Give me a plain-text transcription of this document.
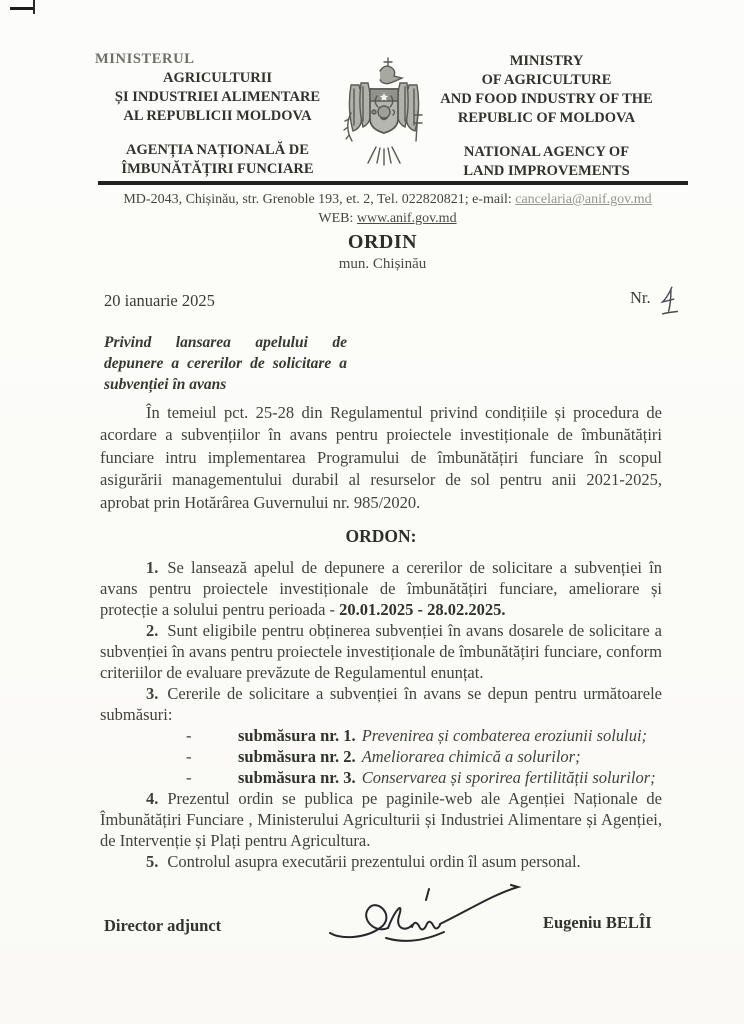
MINISTERUL
AGRICULTURII
ȘI INDUSTRIEI ALIMENTARE
AL REPUBLICII MOLDOVA
AGENȚIA NAȚIONALĂ DE
ÎMBUNĂTĂȚIRI FUNCIARE
MINISTRY
OF AGRICULTURE
AND FOOD INDUSTRY OF THE
REPUBLIC OF MOLDOVA
NATIONAL AGENCY OF
LAND IMPROVEMENTS
MD-2043, Chișinău, str. Grenoble 193, et. 2, Tel. 022820821; e-mail: cancelaria@anif.gov.md
WEB: www.anif.gov.md
ORDIN
mun. Chișinău
20 ianuarie 2025	Nr.
Privind lansarea apelului de depunere a cererilor de solicitare a subvenției în avans
În temeiul pct. 25-28 din Regulamentul privind condițiile și procedura de acordare a subvențiilor în avans pentru proiectele investiționale de îmbunătățiri funciare intru implementarea Programului de îmbunătățiri funciare în scopul asigurării managementului durabil al resurselor de sol pentru anii 2021-2025, aprobat prin Hotărârea Guvernului nr. 985/2020.
ORDON:

1. Se lansează apelul de depunere a cererilor de solicitare a subvenției în avans pentru proiectele investiționale de îmbunătățiri funciare, ameliorare și protecție a solului pentru perioada - 20.01.2025 - 28.02.2025.

2. Sunt eligibile pentru obținerea subvenției în avans dosarele de solicitare a subvenției în avans pentru proiectele investiționale de îmbunătățiri funciare, conform criteriilor de evaluare prevăzute de Regulamentul enunțat.

3. Cererile de solicitare a subvenției în avans se depun pentru următoarele submăsuri:

-	submăsura nr. 1. Prevenirea și combaterea eroziunii solului;
-	submăsura nr. 2. Ameliorarea chimică a solurilor;
-	submăsura nr. 3. Conservarea și sporirea fertilității solurilor;

4. Prezentul ordin se publica pe paginile-web ale Agenției Naționale de Îmbunătățiri Funciare , Ministerului Agriculturii și Industriei Alimentare și Agenției, de Intervenție și Plați pentru Agricultura.

5. Controlul asupra executării prezentului ordin îl asum personal.

Director adjunct	Eugeniu BELÎI
